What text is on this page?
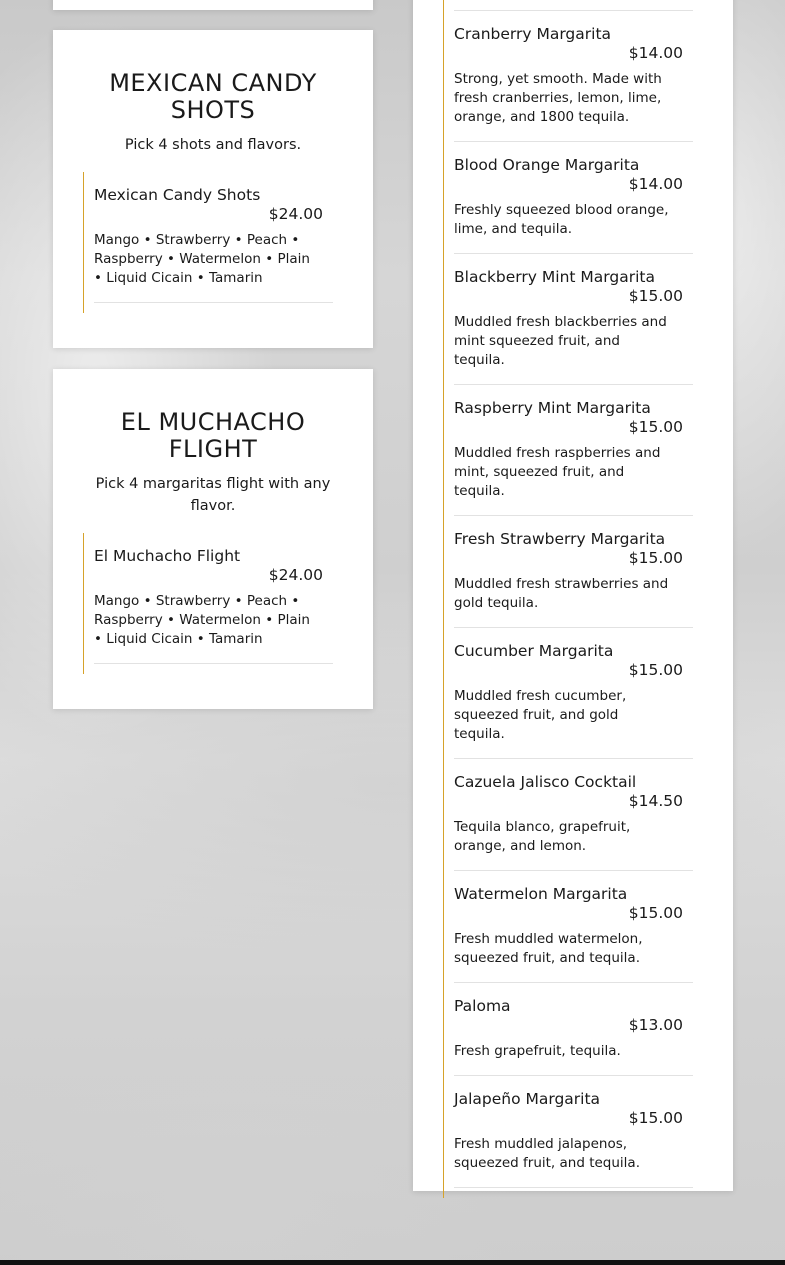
MEXICAN CANDY SHOTS

Pick 4 shots and flavors.

Mexican Candy Shots
$24.00
Mango • Strawberry • Peach • Raspberry • Watermelon • Plain • Liquid Cicain • Tamarin
EL MUCHACHO FLIGHT

Pick 4 margaritas flight with any flavor.

El Muchacho Flight
$24.00
Mango • Strawberry • Peach • Raspberry • Watermelon • Plain • Liquid Cicain • Tamarin
Cranberry Margarita
$14.00
Strong, yet smooth. Made with fresh cranberries, lemon, lime, orange, and 1800 tequila.
Blood Orange Margarita
$14.00
Freshly squeezed blood orange, lime, and tequila.
Blackberry Mint Margarita
$15.00
Muddled fresh blackberries and mint squeezed fruit, and tequila.
Raspberry Mint Margarita
$15.00
Muddled fresh raspberries and mint, squeezed fruit, and tequila.
Fresh Strawberry Margarita
$15.00
Muddled fresh strawberries and gold tequila.
Cucumber Margarita
$15.00
Muddled fresh cucumber, squeezed fruit, and gold tequila.
Cazuela Jalisco Cocktail
$14.50
Tequila blanco, grapefruit, orange, and lemon.
Watermelon Margarita
$15.00
Fresh muddled watermelon, squeezed fruit, and tequila.
Paloma
$13.00
Fresh grapefruit, tequila.
Jalapeño Margarita
$15.00
Fresh muddled jalapenos, squeezed fruit, and tequila.
